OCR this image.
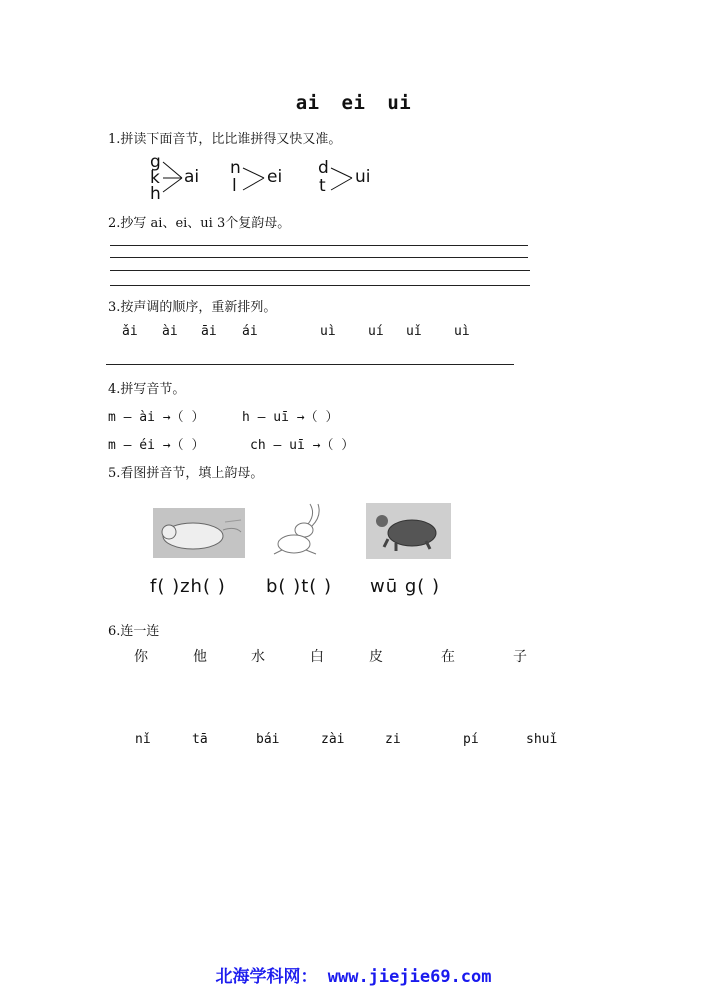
ai ei ui
1.拼读下面音节，比比谁拼得又快又准。
g
k
h
ai n
l ei d
t ui
2.抄写 ai、ei、ui 3个复韵母。
3.按声调的顺序，重新排列。
ǎi ài āi ái	uì uí uǐ uì
4.拼写音节。
m — ài →（ ）	h — uī →（ ）
m — éi →（ ）	ch — uī →（ ）
5.看图拼音节，填上韵母。
f( )zh( ) b( )t( ) wū g( )
6.连一连
你	他	水	白	皮	在	子
nǐ	tā	bái	zài	zi	pí	shuǐ
北海学科网： www.jiejie69.com
